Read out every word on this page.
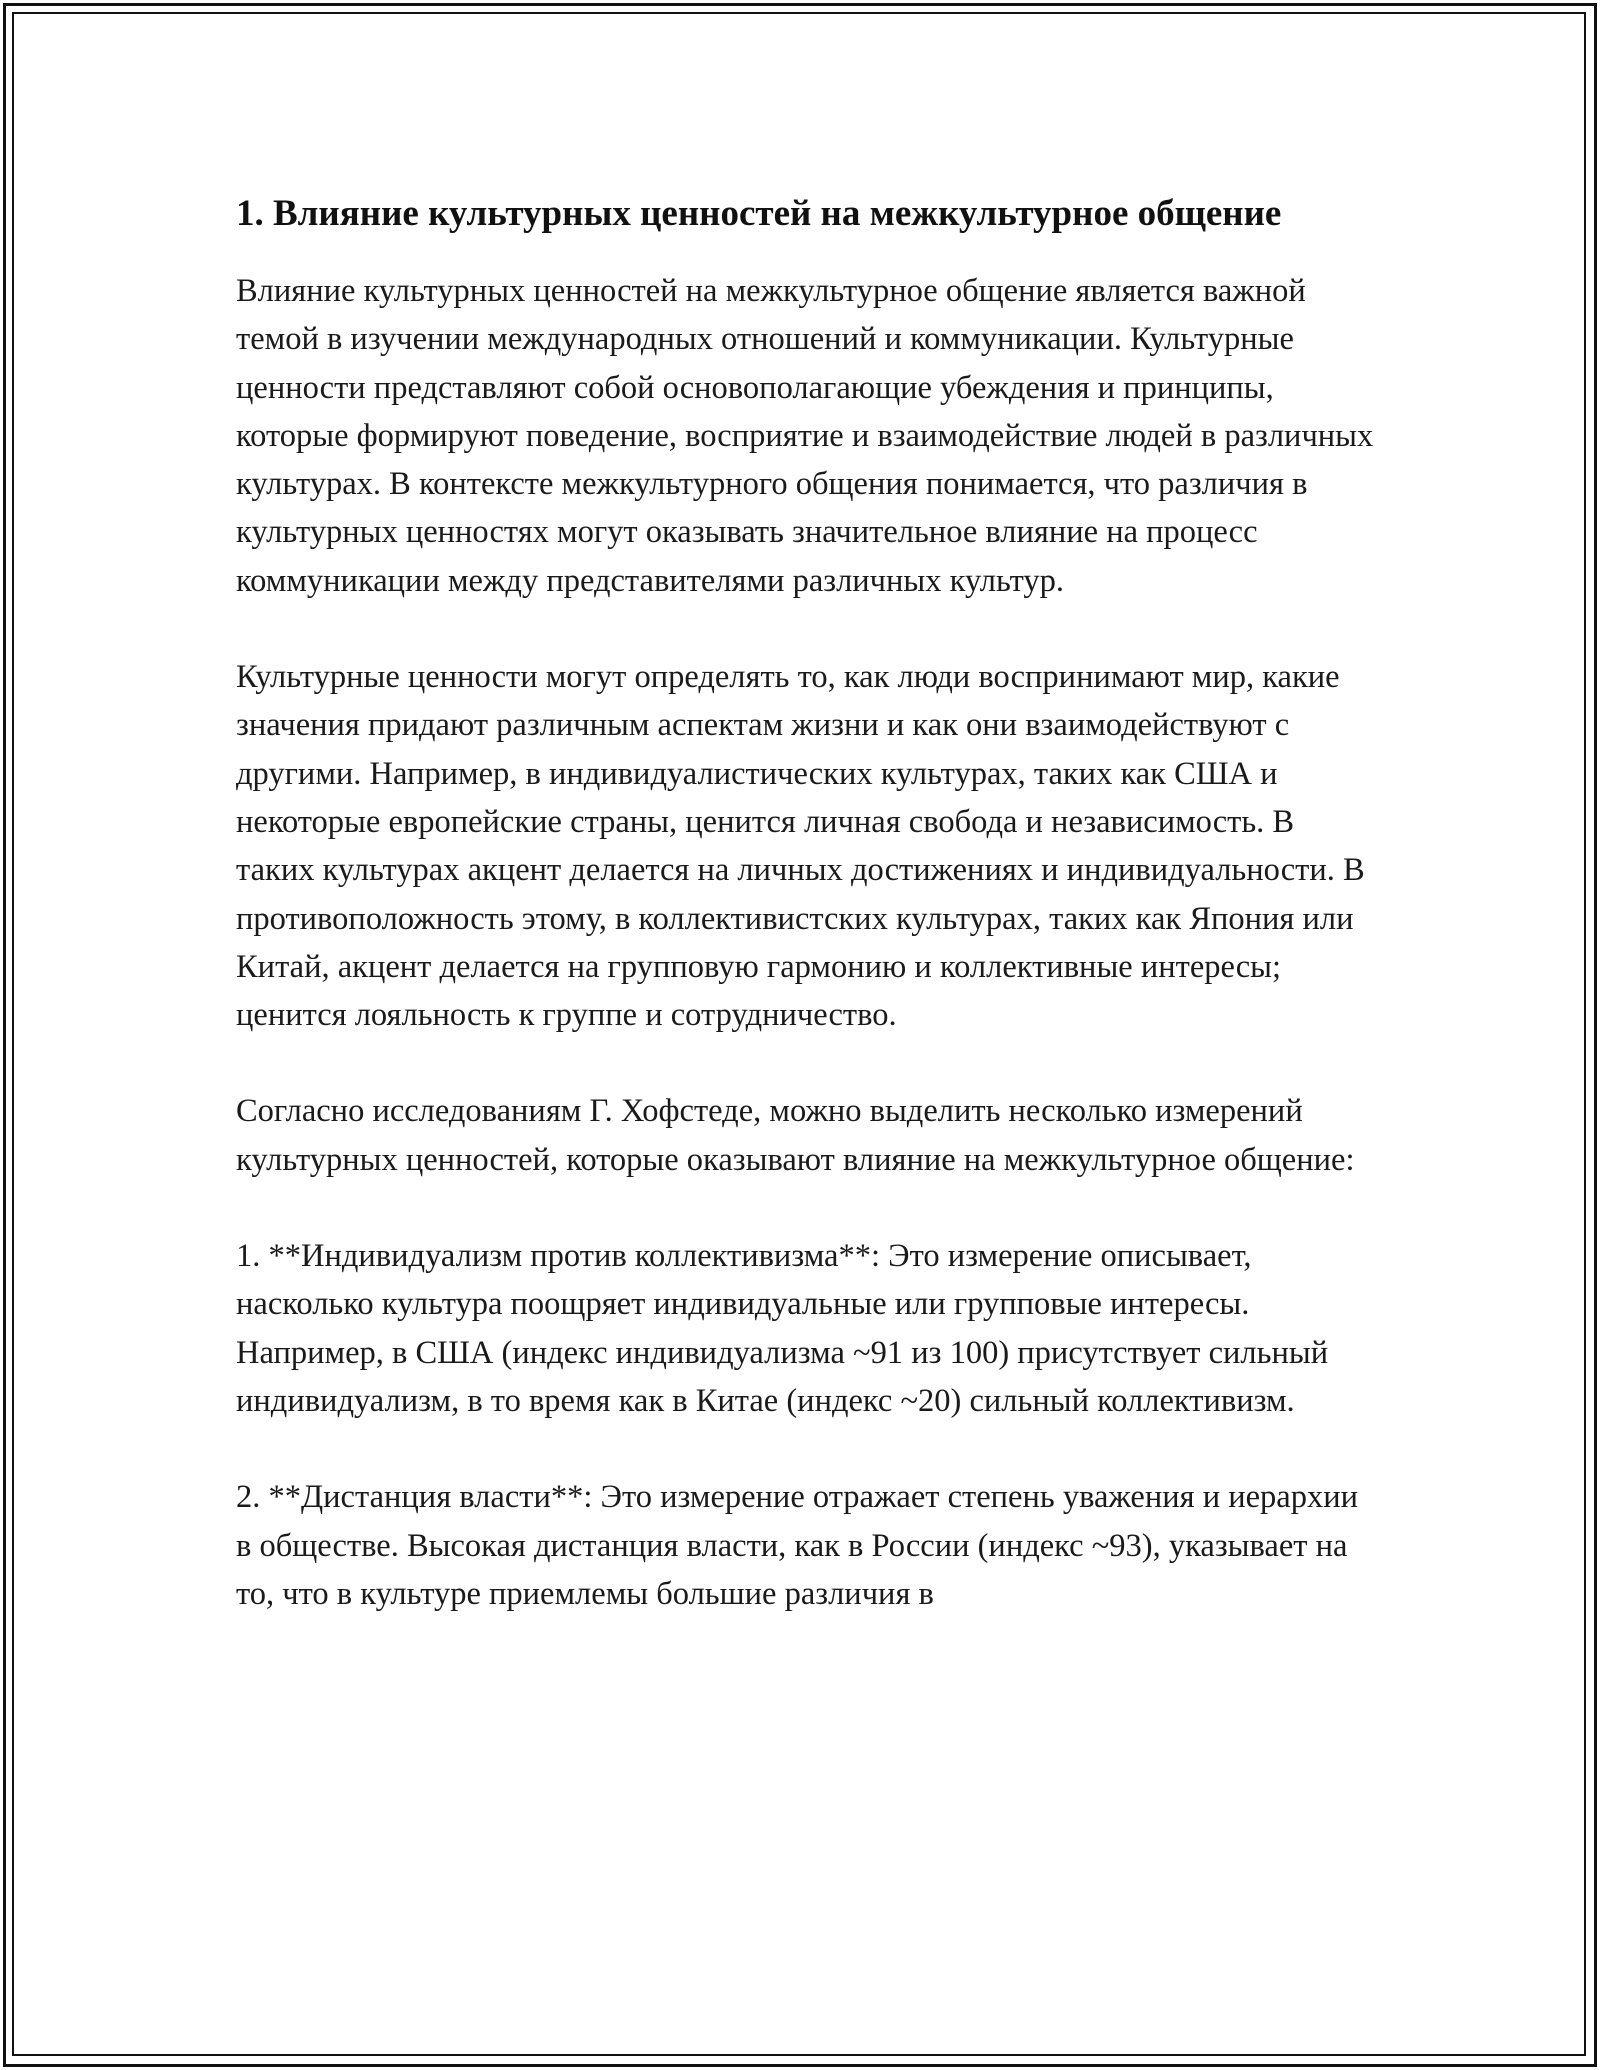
1. Влияние культурных ценностей на межкультурное общение

Влияние культурных ценностей на межкультурное общение является важной темой в изучении международных отношений и коммуникации. Культурные ценности представляют собой основополагающие убеждения и принципы, которые формируют поведение, восприятие и взаимодействие людей в различных культурах. В контексте межкультурного общения понимается, что различия в культурных ценностях могут оказывать значительное влияние на процесс коммуникации между представителями различных культур.

Культурные ценности могут определять то, как люди воспринимают мир, какие значения придают различным аспектам жизни и как они взаимодействуют с другими. Например, в индивидуалистических культурах, таких как США и некоторые европейские страны, ценится личная свобода и независимость. В таких культурах акцент делается на личных достижениях и индивидуальности. В противоположность этому, в коллективистских культурах, таких как Япония или Китай, акцент делается на групповую гармонию и коллективные интересы; ценится лояльность к группе и сотрудничество.

Согласно исследованиям Г. Хофстеде, можно выделить несколько измерений культурных ценностей, которые оказывают влияние на межкультурное общение:

1. **Индивидуализм против коллективизма**: Это измерение описывает, насколько культура поощряет индивидуальные или групповые интересы. Например, в США (индекс индивидуализма ~91 из 100) присутствует сильный индивидуализм, в то время как в Китае (индекс ~20) сильный коллективизм.

2. **Дистанция власти**: Это измерение отражает степень уважения и иерархии в обществе. Высокая дистанция власти, как в России (индекс ~93), указывает на то, что в культуре приемлемы большие различия в
